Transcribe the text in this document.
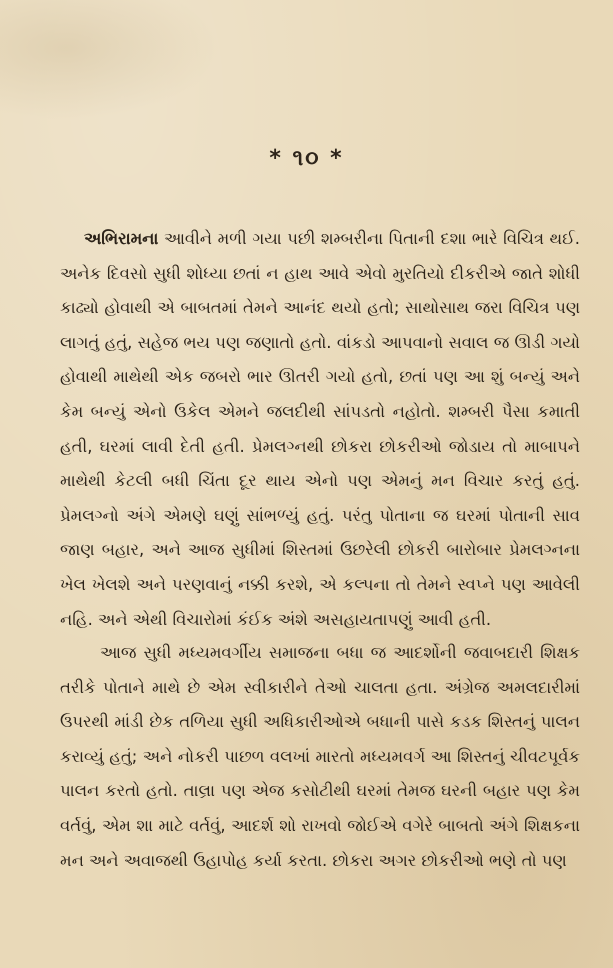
* ૧૦ *

અભિરામના આવીને મળી ગયા પછી શમ્બરીના પિતાની દશા ભારે વિચિત્ર થઈ. અનેક દિવસો સુધી શોધ્યા છતાં ન હાથ આવે એવો મુરતિયો દીકરીએ જાતે શોધી કાઢ્યો હોવાથી એ બાબતમાં તેમને આનંદ થયો હતો; સાથોસાથ જરા વિચિત્ર પણ લાગતું હતું, સહેજ ભય પણ જણાતો હતો. વાંકડો આપવાનો સવાલ જ ઊડી ગયો હોવાથી માથેથી એક જબરો ભાર ઊતરી ગયો હતો, છતાં પણ આ શું બન્યું અને કેમ બન્યું એનો ઉકેલ એમને જલદીથી સાંપડતો નહોતો. શમ્બરી પૈસા કમાતી હતી, ઘરમાં લાવી દેતી હતી. પ્રેમલગ્નથી છોકરા છોકરીઓ જોડાય તો માબાપને માથેથી કેટલી બધી ચિંતા દૂર થાય એનો પણ એમનું મન વિચાર કરતું હતું. પ્રેમલગ્નો અંગે એમણે ઘણું સાંભળ્યું હતું. પરંતુ પોતાના જ ઘરમાં પોતાની સાવ જાણ બહાર, અને આજ સુધીમાં શિસ્તમાં ઉછરેલી છોકરી બારોબાર પ્રેમલગ્નના ખેલ ખેલશે અને પરણવાનું નક્કી કરશે, એ કલ્પના તો તેમને સ્વપ્ને પણ આવેલી નહિ. અને એથી વિચારોમાં કંઈક અંશે અસહાયતાપણું આવી હતી.

આજ સુધી મધ્યમવર્ગીય સમાજના બધા જ આદર્શોની જવાબદારી શિક્ષક તરીકે પોતાને માથે છે એમ સ્વીકારીને તેઓ ચાલતા હતા. અંગ્રેજ અમલદારીમાં ઉપરથી માંડી છેક તળિયા સુધી અધિકારીઓએ બધાની પાસે કડક શિસ્તનું પાલન કરાવ્યું હતું; અને નોકરી પાછળ વલખાં મારતો મધ્યમવર્ગ આ શિસ્તનું ચીવટપૂર્વક પાલન કરતો હતો. તાલ્રા પણ એજ કસોટીથી ઘરમાં તેમજ ઘરની બહાર પણ કેમ વર્તવું, એમ શા માટે વર્તવું, આદર્શ શો રાખવો જોઈએ વગેરે બાબતો અંગે શિક્ષકના મન અને અવાજથી ઉહાપોહ કર્યા કરતા. છોકરા અગર છોકરીઓ ભણે તો પણ
